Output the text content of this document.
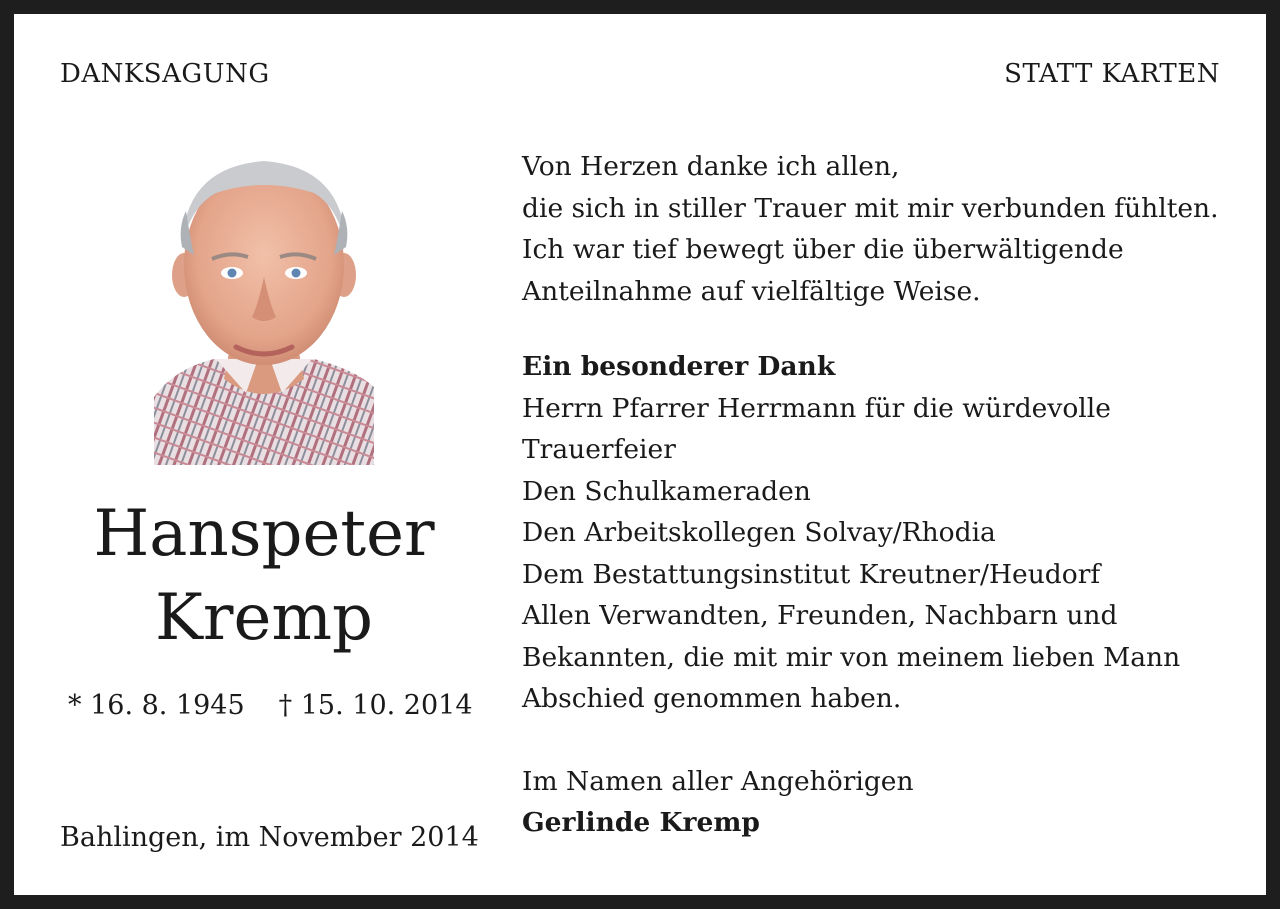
DANKSAGUNG	STATT KARTEN
Hanspeter
Kremp
* 16. 8. 1945 † 15. 10. 2014
Bahlingen, im November 2014
Von Herzen danke ich allen,
die sich in stiller Trauer mit mir verbunden fühlten.
Ich war tief bewegt über die überwältigende
Anteilnahme auf vielfältige Weise.
Ein besonderer Dank
Herrn Pfarrer Herrmann für die würdevolle
Trauerfeier
Den Schulkameraden
Den Arbeitskollegen Solvay/Rhodia
Dem Bestattungsinstitut Kreutner/Heudorf
Allen Verwandten, Freunden, Nachbarn und
Bekannten, die mit mir von meinem lieben Mann
Abschied genommen haben.
Im Namen aller Angehörigen
Gerlinde Kremp
